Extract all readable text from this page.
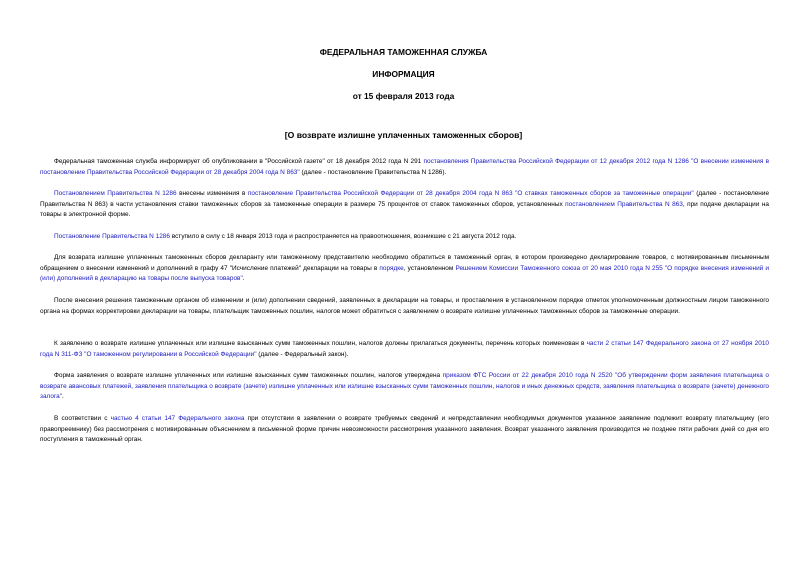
ФЕДЕРАЛЬНАЯ ТАМОЖЕННАЯ СЛУЖБА
ИНФОРМАЦИЯ
от 15 февраля 2013 года
[О возврате излишне уплаченных таможенных сборов]

Федеральная таможенная служба информирует об опубликовании в "Российской газете" от 18 декабря 2012 года N 291 постановления Правительства Российской Федерации от 12 декабря 2012 года N 1286 "О внесении изменения в постановление Правительства Российской Федерации от 28 декабря 2004 года N 863" (далее - постановление Правительства N 1286).

Постановлением Правительства N 1286 внесены изменения в постановление Правительства Российской Федерации от 28 декабря 2004 года N 863 "О ставках таможенных сборов за таможенные операции" (далее - постановление Правительства N 863) в части установления ставки таможенных сборов за таможенные операции в размере 75 процентов от ставок таможенных сборов, установленных постановлением Правительства N 863, при подаче декларации на товары в электронной форме.

Постановление Правительства N 1286 вступило в силу с 18 января 2013 года и распространяется на правоотношения, возникшие с 21 августа 2012 года.

Для возврата излишне уплаченных таможенных сборов декларанту или таможенному представителю необходимо обратиться в таможенный орган, в котором произведено декларирование товаров, с мотивированным письменным обращением о внесении изменений и дополнений в графу 47 "Исчисление платежей" декларации на товары в порядке, установленном Решением Комиссии Таможенного союза от 20 мая 2010 года N 255 "О порядке внесения изменений и (или) дополнений в декларацию на товары после выпуска товаров".

После внесения решения таможенным органом об изменении и (или) дополнении сведений, заявленных в декларации на товары, и проставления в установленном порядке отметок уполномоченным должностным лицом таможенного органа на формах корректировки декларации на товары, плательщик таможенных пошлин, налогов может обратиться с заявлением о возврате излишне уплаченных таможенных сборов за таможенные операции.

К заявлению о возврате излишне уплаченных или излишне взысканных сумм таможенных пошлин, налогов должны прилагаться документы, перечень которых поименован в части 2 статьи 147 Федерального закона от 27 ноября 2010 года N 311-ФЗ "О таможенном регулировании в Российской Федерации" (далее - Федеральный закон).

Форма заявления о возврате излишне уплаченных или излишне взысканных сумм таможенных пошлин, налогов утверждена приказом ФТС России от 22 декабря 2010 года N 2520 "Об утверждении форм заявления плательщика о возврате авансовых платежей, заявления плательщика о возврате (зачете) излишне уплаченных или излишне взысканных сумм таможенных пошлин, налогов и иных денежных средств, заявления плательщика о возврате (зачете) денежного залога".

В соответствии с частью 4 статьи 147 Федерального закона при отсутствии в заявлении о возврате требуемых сведений и непредставлении необходимых документов указанное заявление подлежит возврату плательщику (его правопреемнику) без рассмотрения с мотивированным объяснением в письменной форме причин невозможности рассмотрения указанного заявления. Возврат указанного заявления производится не позднее пяти рабочих дней со дня его поступления в таможенный орган.
